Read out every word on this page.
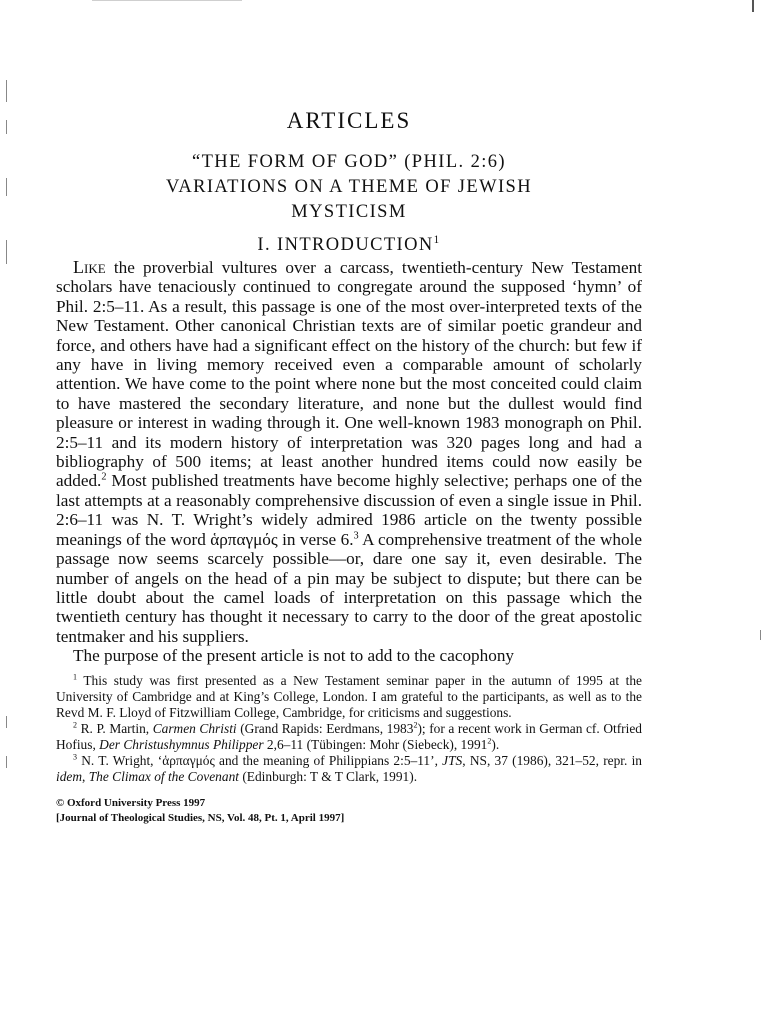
ARTICLES
“THE FORM OF GOD” (PHIL. 2:6)
VARIATIONS ON A THEME OF JEWISH
MYSTICISM
I. INTRODUCTION$^1$

Like the proverbial vultures over a carcass, twentieth-century New Testament scholars have tenaciously continued to congregate around the supposed ‘hymn’ of Phil. 2:5–11. As a result, this passage is one of the most over-interpreted texts of the New Testament. Other canonical Christian texts are of similar poetic grandeur and force, and others have had a significant effect on the history of the church: but few if any have in living memory received even a comparable amount of scholarly attention. We have come to the point where none but the most conceited could claim to have mastered the secondary literature, and none but the dullest would find pleasure or interest in wading through it. One well-known 1983 monograph on Phil. 2:5–11 and its modern history of interpretation was 320 pages long and had a bibliography of 500 items; at least another hundred items could now easily be added.$^2$ Most published treatments have become highly selective; perhaps one of the last attempts at a reasonably comprehensive discussion of even a single issue in Phil. 2:6–11 was N. T. Wright’s widely admired 1986 article on the twenty possible meanings of the word ἁρπαγμός in verse 6.$^3$ A comprehensive treatment of the whole passage now seems scarcely possible—or, dare one say it, even desirable. The number of angels on the head of a pin may be subject to dispute; but there can be little doubt about the camel loads of interpretation on this passage which the twentieth century has thought it necessary to carry to the door of the great apostolic tentmaker and his suppliers.

The purpose of the present article is not to add to the cacophony

$^1$ This study was first presented as a New Testament seminar paper in the autumn of 1995 at the University of Cambridge and at King’s College, London. I am grateful to the participants, as well as to the Revd M. F. Lloyd of Fitzwilliam College, Cambridge, for criticisms and suggestions.

$^2$ R. P. Martin, Carmen Christi (Grand Rapids: Eerdmans, 1983$^2$); for a recent work in German cf. Otfried Hofius, Der Christushymnus Philipper 2,6–11 (Tübingen: Mohr (Siebeck), 1991$^2$).

$^3$ N. T. Wright, ‘ἁρπαγμός and the meaning of Philippians 2:5–11’, JTS, NS, 37 (1986), 321–52, repr. in idem, The Climax of the Covenant (Edinburgh: T & T Clark, 1991).

© Oxford University Press 1997
[Journal of Theological Studies, NS, Vol. 48, Pt. 1, April 1997]
